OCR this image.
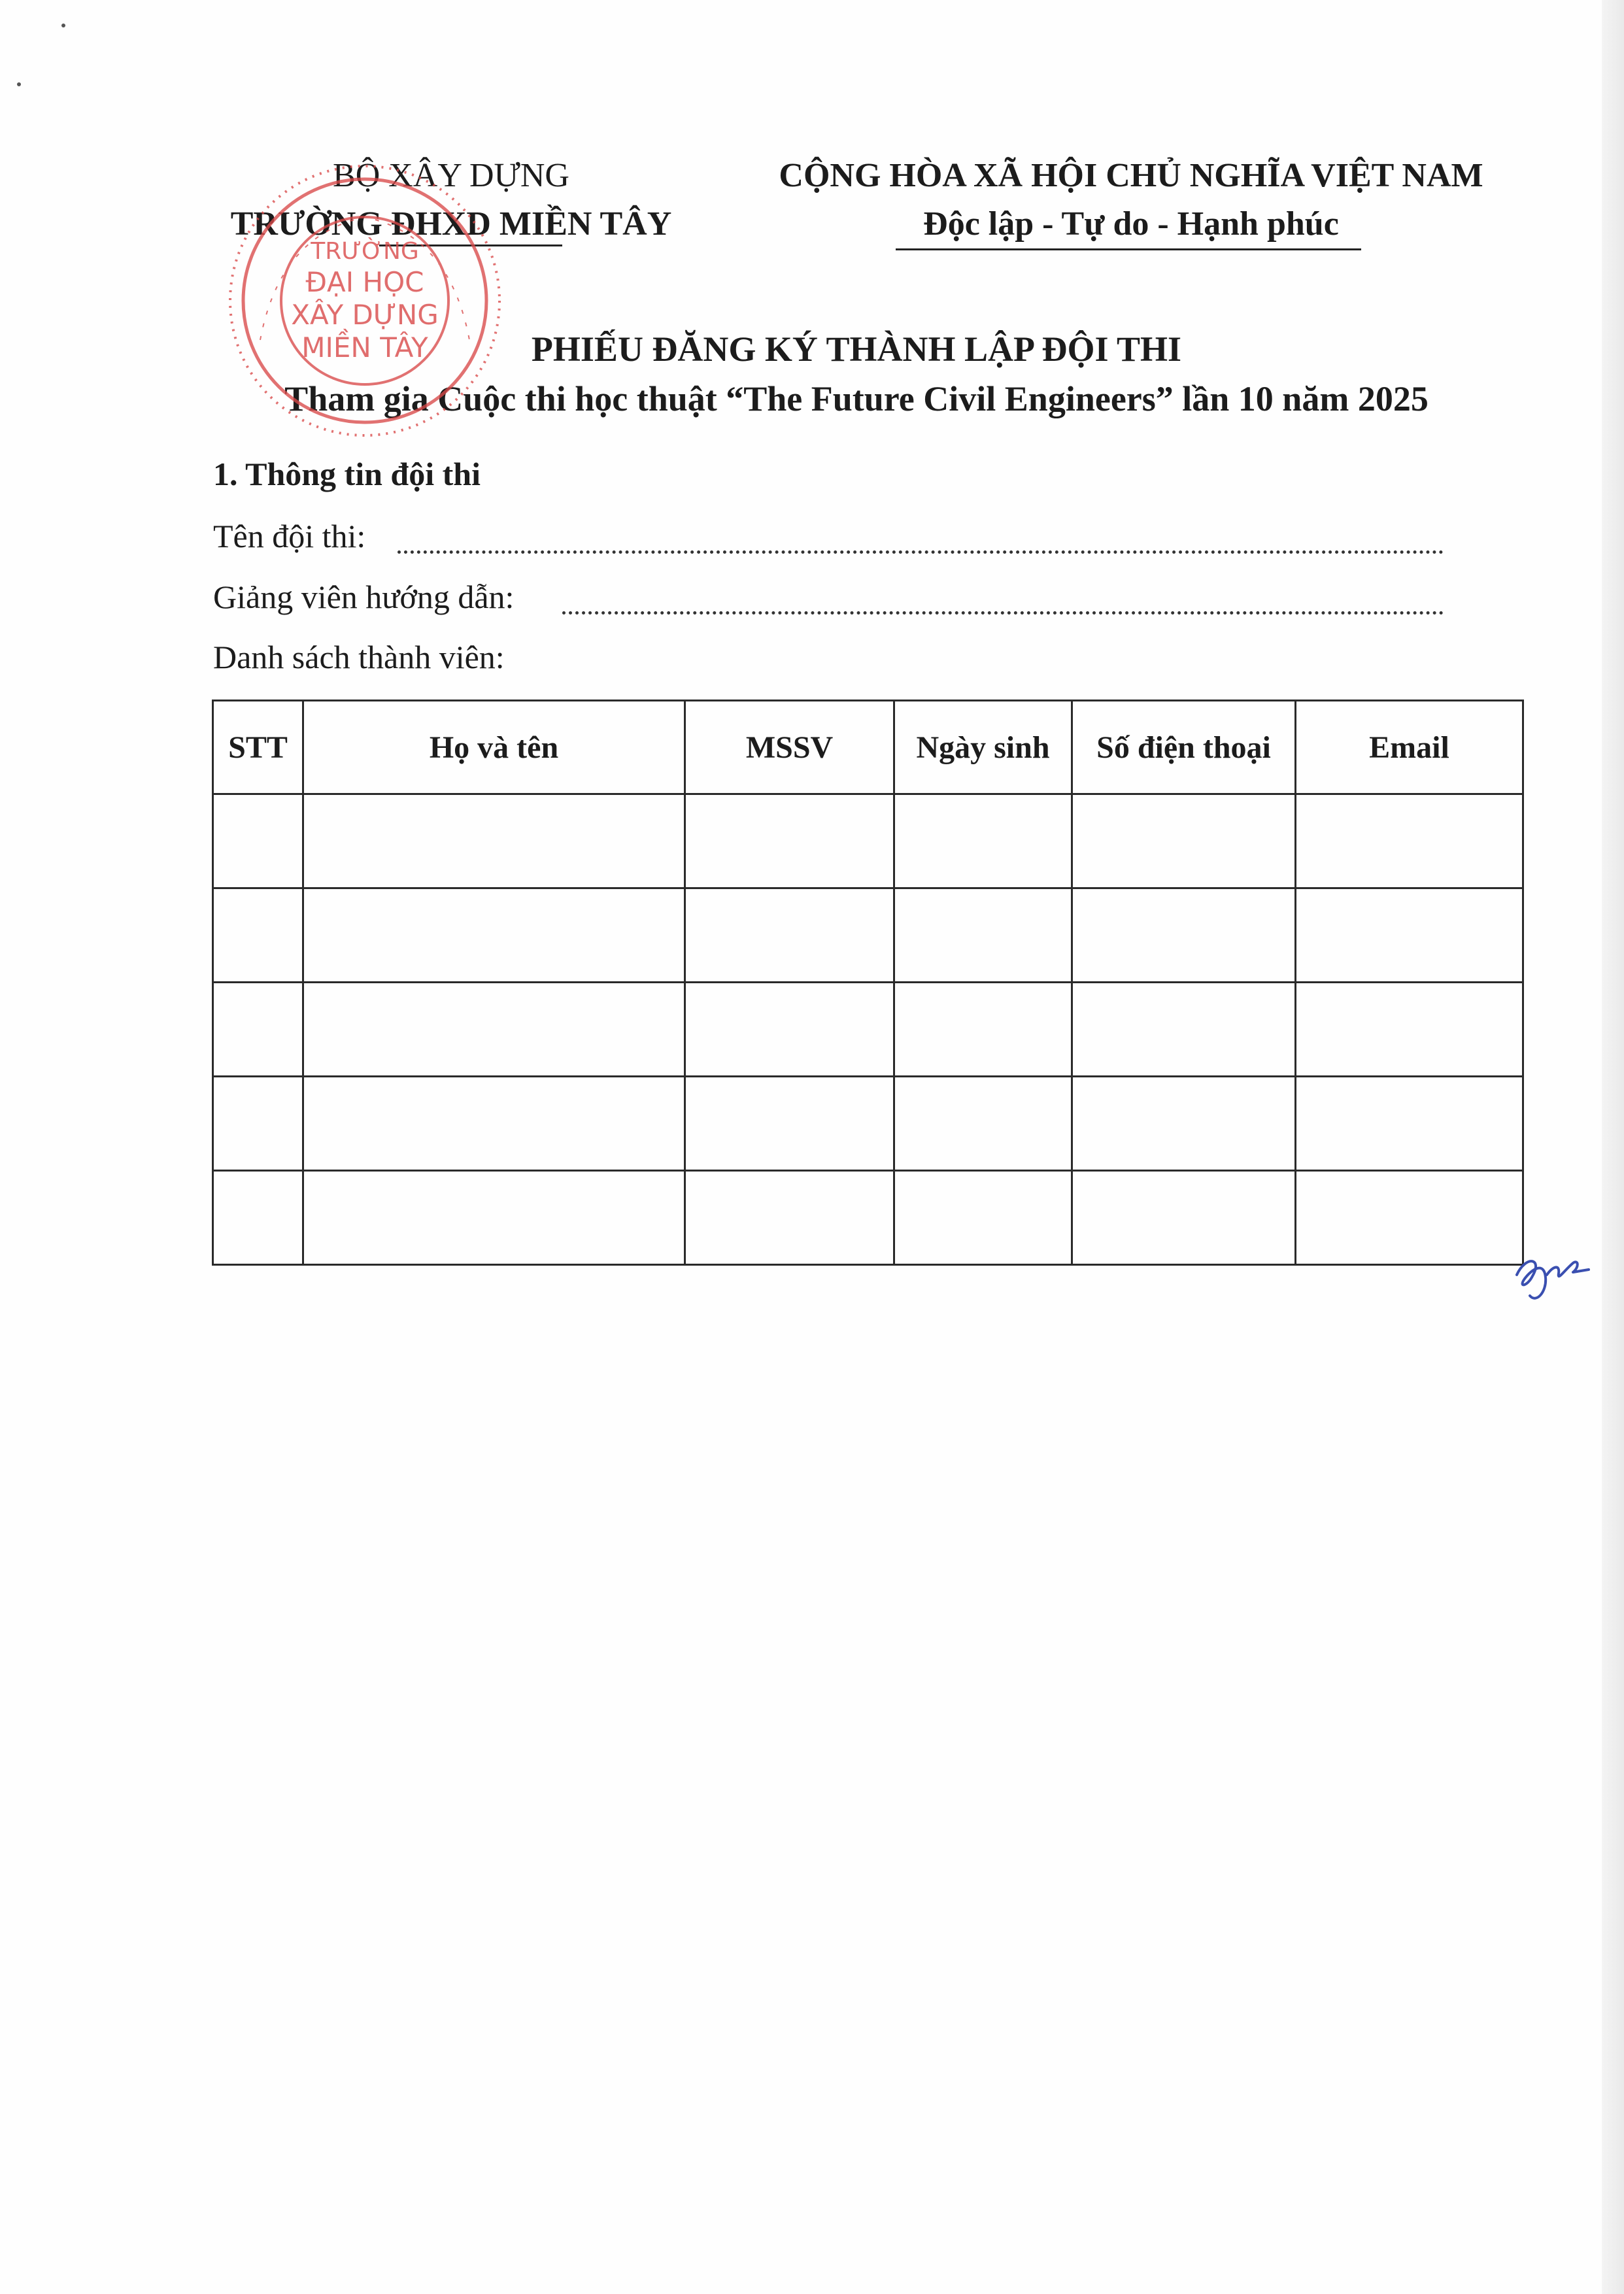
BỘ XÂY DỰNG
TRƯỜNG ĐHXD MIỀN TÂY
CỘNG HÒA XÃ HỘI CHỦ NGHĨA VIỆT NAM
Độc lập - Tự do - Hạnh phúc
PHIẾU ĐĂNG KÝ THÀNH LẬP ĐỘI THI
Tham gia Cuộc thi học thuật “The Future Civil Engineers” lần 10 năm 2025
1. Thông tin đội thi
Tên đội thi:
Giảng viên hướng dẫn:
Danh sách thành viên:
STT	Họ và tên	MSSV	Ngày sinh	Số điện thoại	Email

TRƯỜNG
ĐẠI HỌC
XÂY DỰNG
MIỀN TÂY
